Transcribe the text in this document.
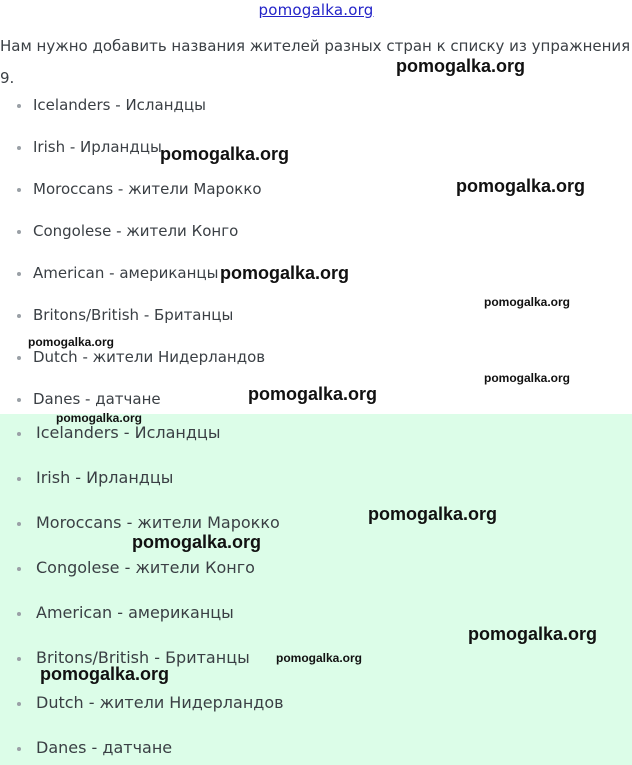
pomogalka.org

Нам нужно добавить названия жителей разных стран к списку из упражнения 9.

Icelanders - Исландцы
Irish - Ирландцы
Moroccans - жители Марокко
Congolese - жители Конго
American - американцы
Britons/British - Британцы
Dutch - жители Нидерландов
Danes - датчане
Icelanders - Исландцы
Irish - Ирландцы
Moroccans - жители Марокко
Congolese - жители Конго
American - американцы
Britons/British - Британцы
Dutch - жители Нидерландов
Danes - датчане
pomogalka.org
pomogalka.org
pomogalka.org
pomogalka.org
pomogalka.org
pomogalka.org
pomogalka.org
pomogalka.org
pomogalka.org
pomogalka.org
pomogalka.org
pomogalka.org
pomogalka.org
pomogalka.org
